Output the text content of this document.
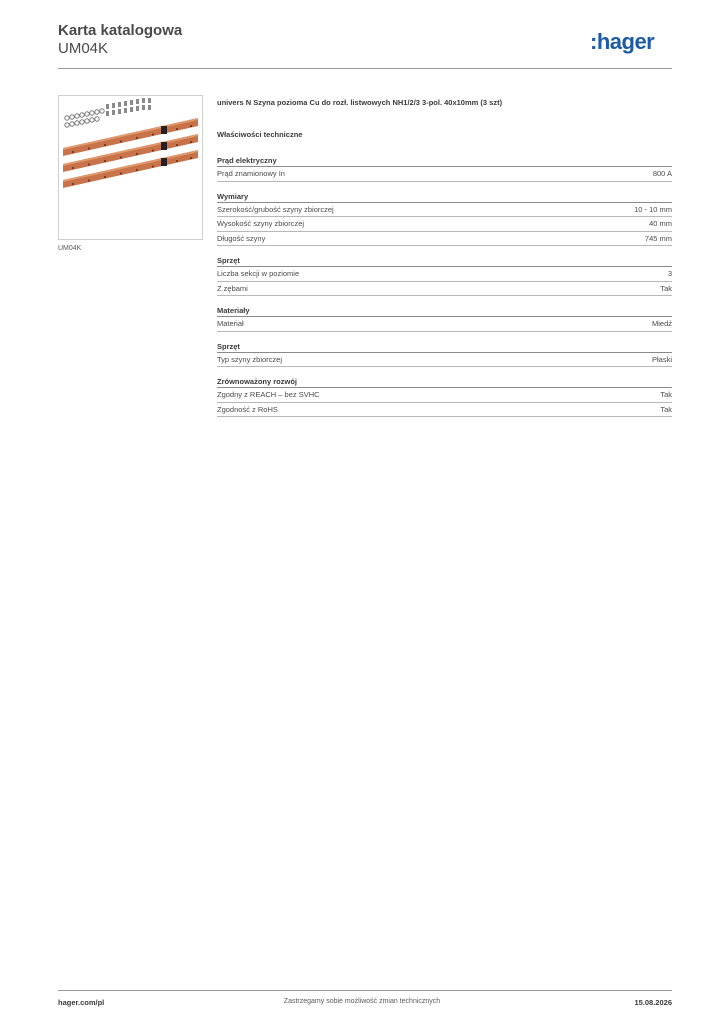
Karta katalogowa
UM04K	:hager
UM04K
univers N Szyna pozioma Cu do rozł. listwowych NH1/2/3 3-pol. 40x10mm (3 szt)
Właściwości techniczne
Prąd elektryczny
Prąd znamionowy In	800 A
Wymiary
Szerokość/grubość szyny zbiorczej	10 - 10 mm
Wysokość szyny zbiorczej	40 mm
Długość szyny	745 mm
Sprzęt
Liczba sekcji w poziomie	3
Z zębami	Tak
Materiały
Materiał	Miedź
Sprzęt
Typ szyny zbiorczej	Płaski
Zrównoważony rozwój
Zgodny z REACH – bez SVHC	Tak
Zgodność z RoHS	Tak
hager.com/pl	Zastrzegamy sobie możliwość zmian technicznych	15.08.2026
